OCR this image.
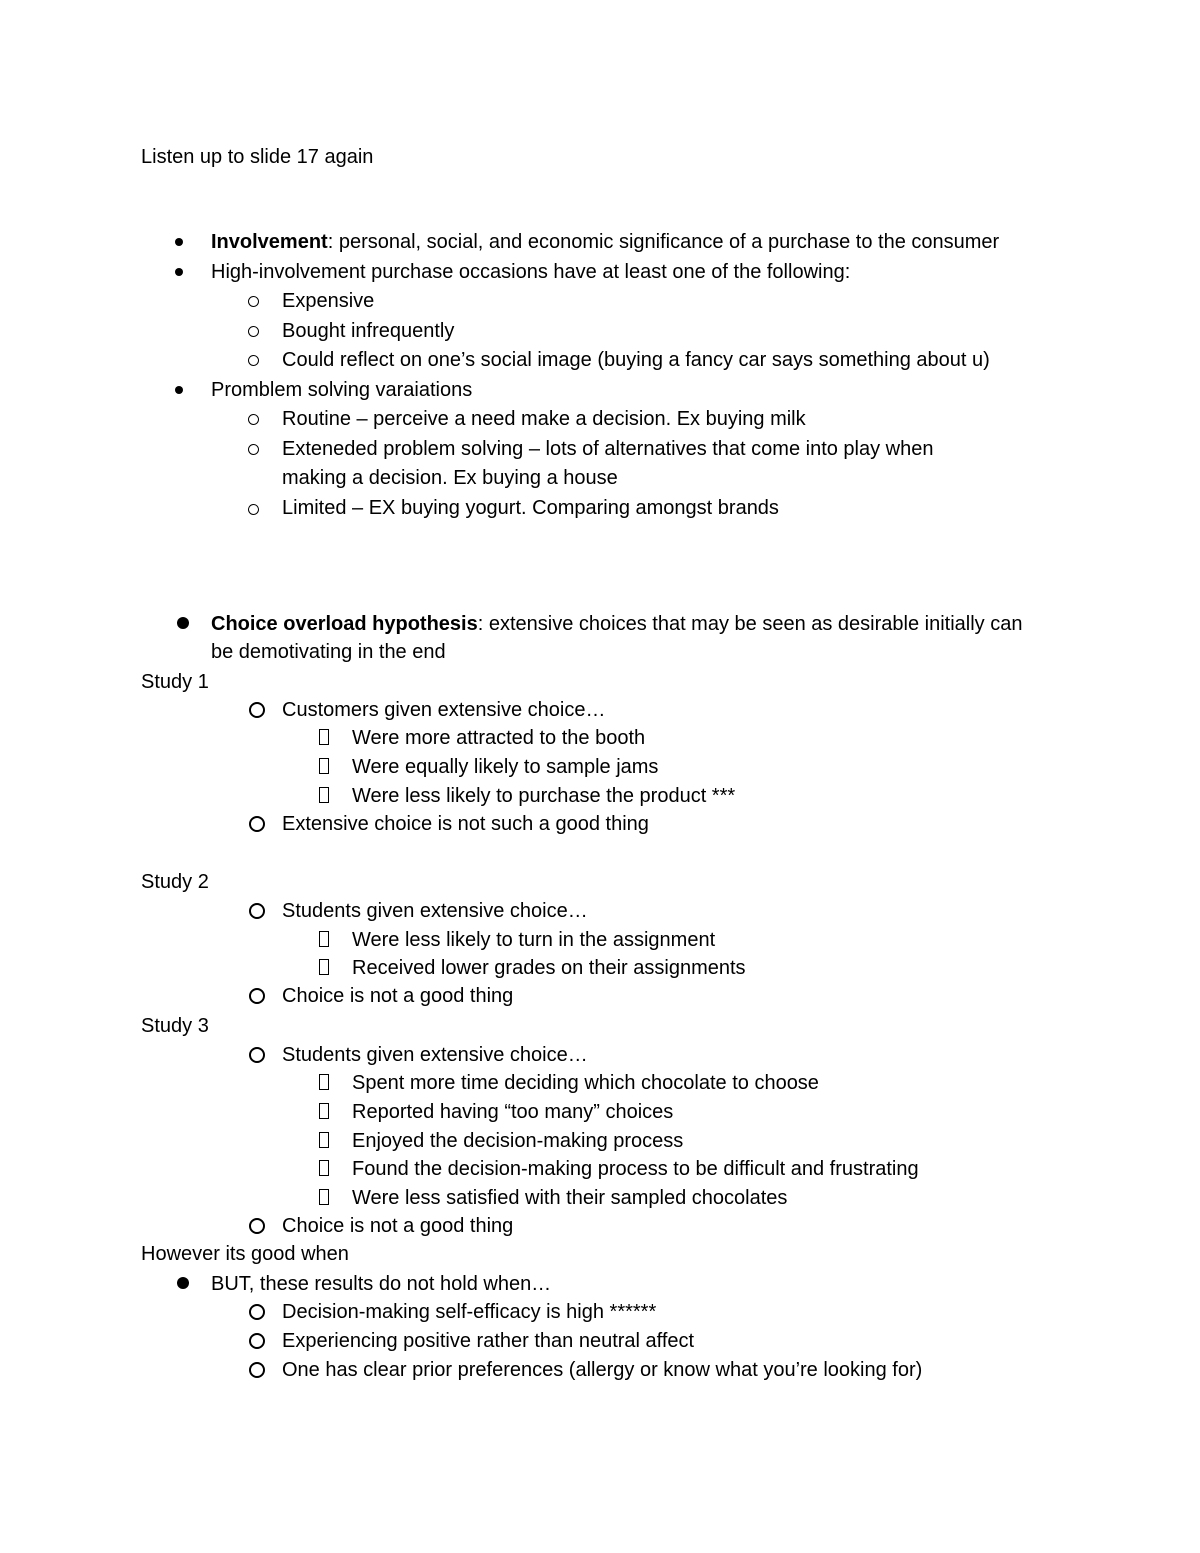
Listen up to slide 17 again
Involvement: personal, social, and economic significance of a purchase to the consumer
High-involvement purchase occasions have at least one of the following:
Expensive
Bought infrequently
Could reflect on one’s social image (buying a fancy car says something about u)
Promblem solving varaiations
Routine – perceive a need make a decision. Ex buying milk
Exteneded problem solving – lots of alternatives that come into play when
making a decision. Ex buying a house
Limited – EX buying yogurt. Comparing amongst brands
Choice overload hypothesis: extensive choices that may be seen as desirable initially can
be demotivating in the end
Study 1
Customers given extensive choice…
Were more attracted to the booth
Were equally likely to sample jams
Were less likely to purchase the product ***
Extensive choice is not such a good thing
Study 2
Students given extensive choice…
Were less likely to turn in the assignment
Received lower grades on their assignments
Choice is not a good thing
Study 3
Students given extensive choice…
Spent more time deciding which chocolate to choose
Reported having “too many” choices
Enjoyed the decision-making process
Found the decision-making process to be difficult and frustrating
Were less satisfied with their sampled chocolates
Choice is not a good thing
However its good when
BUT, these results do not hold when…
Decision-making self-efficacy is high ******
Experiencing positive rather than neutral affect
One has clear prior preferences (allergy or know what you’re looking for)
